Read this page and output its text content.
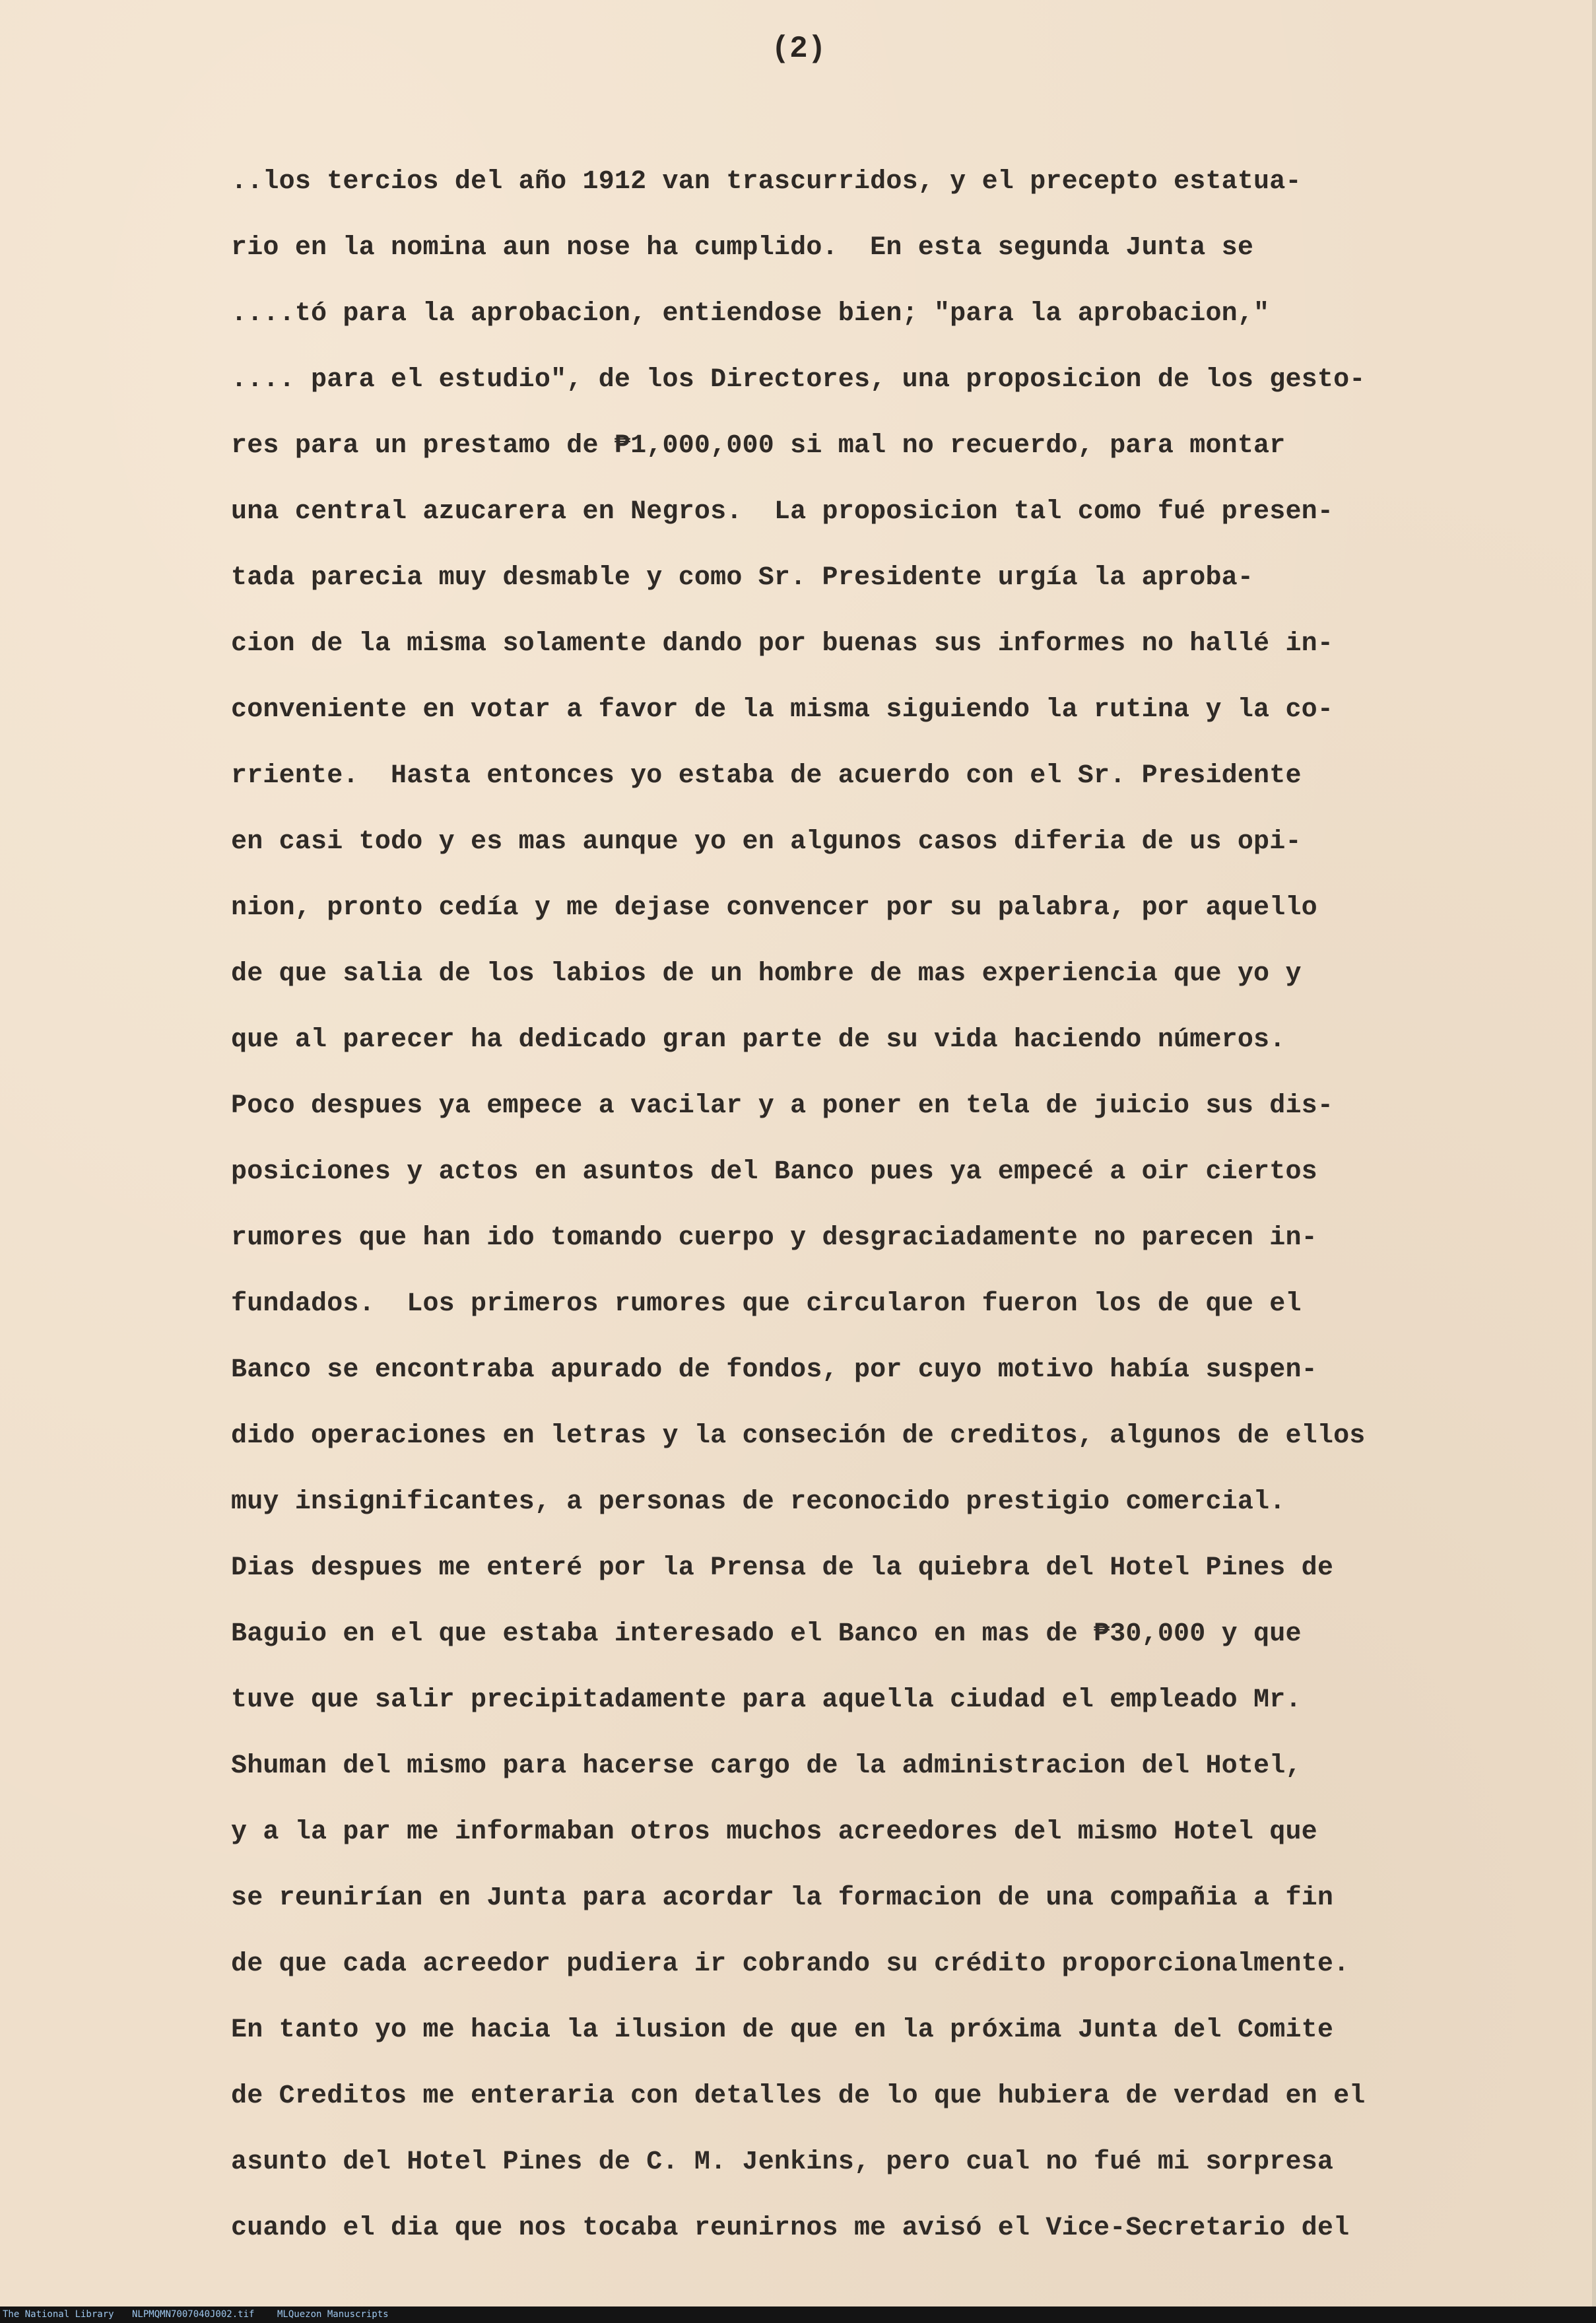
(2)
..los tercios del año 1912 van trascurridos, y el precepto estatua-
rio en la nomina aun nose ha cumplido.  En esta segunda Junta se
....tó para la aprobacion, entiendose bien; "para la aprobacion,"
.... para el estudio", de los Directores, una proposicion de los gesto-
res para un prestamo de ₱1,000,000 si mal no recuerdo, para montar
una central azucarera en Negros.  La proposicion tal como fué presen-
tada parecia muy desmable y como Sr. Presidente urgía la aproba-
cion de la misma solamente dando por buenas sus informes no hallé in-
conveniente en votar a favor de la misma siguiendo la rutina y la co-
rriente.  Hasta entonces yo estaba de acuerdo con el Sr. Presidente
en casi todo y es mas aunque yo en algunos casos diferia de us opi-
nion, pronto cedía y me dejase convencer por su palabra, por aquello
de que salia de los labios de un hombre de mas experiencia que yo y
que al parecer ha dedicado gran parte de su vida haciendo números.
Poco despues ya empece a vacilar y a poner en tela de juicio sus dis-
posiciones y actos en asuntos del Banco pues ya empecé a oir ciertos
rumores que han ido tomando cuerpo y desgraciadamente no parecen in-
fundados.  Los primeros rumores que circularon fueron los de que el
Banco se encontraba apurado de fondos, por cuyo motivo había suspen-
dido operaciones en letras y la conseción de creditos, algunos de ellos
muy insignificantes, a personas de reconocido prestigio comercial.
Dias despues me enteré por la Prensa de la quiebra del Hotel Pines de
Baguio en el que estaba interesado el Banco en mas de ₱30,000 y que
tuve que salir precipitadamente para aquella ciudad el empleado Mr.
Shuman del mismo para hacerse cargo de la administracion del Hotel,
y a la par me informaban otros muchos acreedores del mismo Hotel que
se reunirían en Junta para acordar la formacion de una compañia a fin
de que cada acreedor pudiera ir cobrando su crédito proporcionalmente.
En tanto yo me hacia la ilusion de que en la próxima Junta del Comite
de Creditos me enteraria con detalles de lo que hubiera de verdad en el
asunto del Hotel Pines de C. M. Jenkins, pero cual no fué mi sorpresa
cuando el dia que nos tocaba reunirnos me avisó el Vice-Secretario del
The National Library NLPMQMN7007040J002.tif MLQuezon Manuscripts
